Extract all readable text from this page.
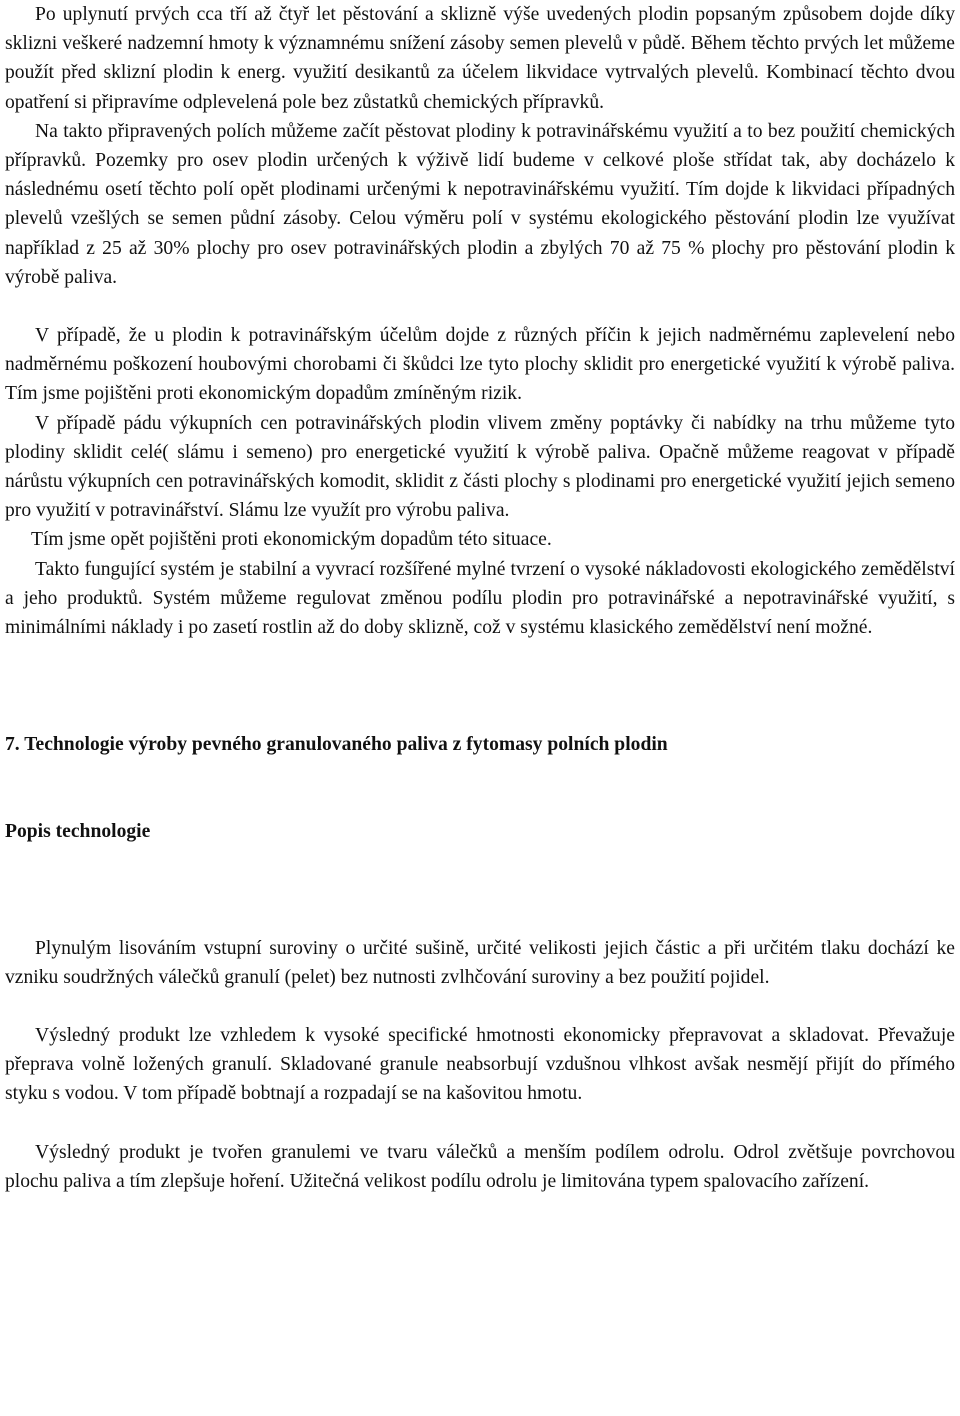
Po uplynutí prvých cca tří až čtyř let pěstování a sklizně výše uvedených plodin popsaným způsobem dojde díky sklizni veškeré nadzemní hmoty k významnému snížení zásoby semen plevelů v půdě. Během těchto prvých let můžeme použít před sklizní plodin k energ. využití desikantů za účelem likvidace vytrvalých plevelů. Kombinací těchto dvou opatření si připravíme odplevelená pole bez zůstatků chemických přípravků.

Na takto připravených polích můžeme začít pěstovat plodiny k potravinářskému využití a to bez použití chemických přípravků. Pozemky pro osev plodin určených k výživě lidí budeme v celkové ploše střídat tak, aby docházelo k následnému osetí těchto polí opět plodinami určenými k nepotravinářskému využití. Tím dojde k likvidaci případných plevelů vzešlých se semen půdní zásoby. Celou výměru polí v systému ekologického pěstování plodin lze využívat například z 25 až 30% plochy pro osev potravinářských plodin a zbylých 70 až 75 % plochy pro pěstování plodin k výrobě paliva.

V případě, že u plodin k potravinářským účelům dojde z různých příčin k jejich nadměrnému zaplevelení nebo nadměrnému poškození houbovými chorobami či škůdci lze tyto plochy sklidit pro energetické využití k výrobě paliva. Tím jsme pojištěni proti ekonomickým dopadům zmíněným rizik.

V případě pádu výkupních cen potravinářských plodin vlivem změny poptávky či nabídky na trhu můžeme tyto plodiny sklidit celé( slámu i semeno) pro energetické využití k výrobě paliva. Opačně můžeme reagovat v případě nárůstu výkupních cen potravinářských komodit, sklidit z části plochy s plodinami pro energetické využití jejich semeno pro využití v potravinářství. Slámu lze využít pro výrobu paliva.

Tím jsme opět pojištěni proti ekonomickým dopadům této situace.

Takto fungující systém je stabilní a vyvrací rozšířené mylné tvrzení o vysoké nákladovosti ekologického zemědělství a jeho produktů. Systém můžeme regulovat změnou podílu plodin pro potravinářské a nepotravinářské využití, s minimálními náklady i po zasetí rostlin až do doby sklizně, což v systému klasického zemědělství není možné.

7. Technologie výroby pevného granulovaného paliva z fytomasy polních plodin
Popis technologie

Plynulým lisováním vstupní suroviny o určité sušině, určité velikosti jejich částic a při určitém tlaku dochází ke vzniku soudržných válečků granulí (pelet) bez nutnosti zvlhčování suroviny a bez použití pojidel.

Výsledný produkt lze vzhledem k vysoké specifické hmotnosti ekonomicky přepravovat a skladovat. Převažuje přeprava volně ložených granulí. Skladované granule neabsorbují vzdušnou vlhkost avšak nesmějí přijít do přímého styku s vodou. V tom případě bobtnají a rozpadají se na kašovitou hmotu.

Výsledný produkt je tvořen granulemi ve tvaru válečků a menším podílem odrolu. Odrol zvětšuje povrchovou plochu paliva a tím zlepšuje hoření. Užitečná velikost podílu odrolu je limitována typem spalovacího zařízení.
